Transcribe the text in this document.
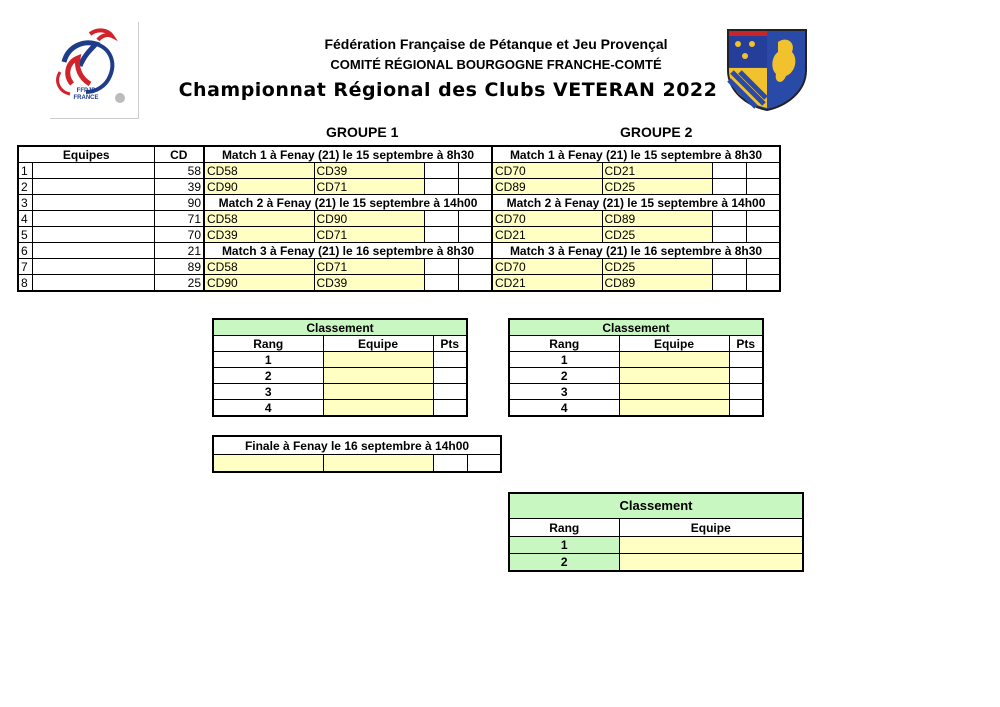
FFPJP FRANCE
Fédération Française de Pétanque et Jeu Provençal
COMITÉ RÉGIONAL BOURGOGNE FRANCHE-COMTÉ
Championnat Régional des Clubs VETERAN 2022
GROUPE 1	GROUPE 2
Equipes		CD	Match 1 à Fenay (21) le 15 septembre à 8h30				Match 1 à Fenay (21) le 15 septembre à 8h30			
1		58	CD58	CD39			CD70	CD21		
2		39	CD90	CD71			CD89	CD25		
3		90	Match 2 à Fenay (21) le 15 septembre à 14h00				Match 2 à Fenay (21) le 15 septembre à 14h00			
4		71	CD58	CD90			CD70	CD89		
5		70	CD39	CD71			CD21	CD25		
6		21	Match 3 à Fenay (21) le 16 septembre à 8h30				Match 3 à Fenay (21) le 16 septembre à 8h30			
7		89	CD58	CD71			CD70	CD25		
8		25	CD90	CD39			CD21	CD89		
Classement		
Rang	Equipe	Pts
1		
2		
3		
4		
Classement		
Rang	Equipe	Pts
1		
2		
3		
4		
Finale à Fenay le 16 septembre à 14h00

Classement	
Rang	Equipe
1	
2	
